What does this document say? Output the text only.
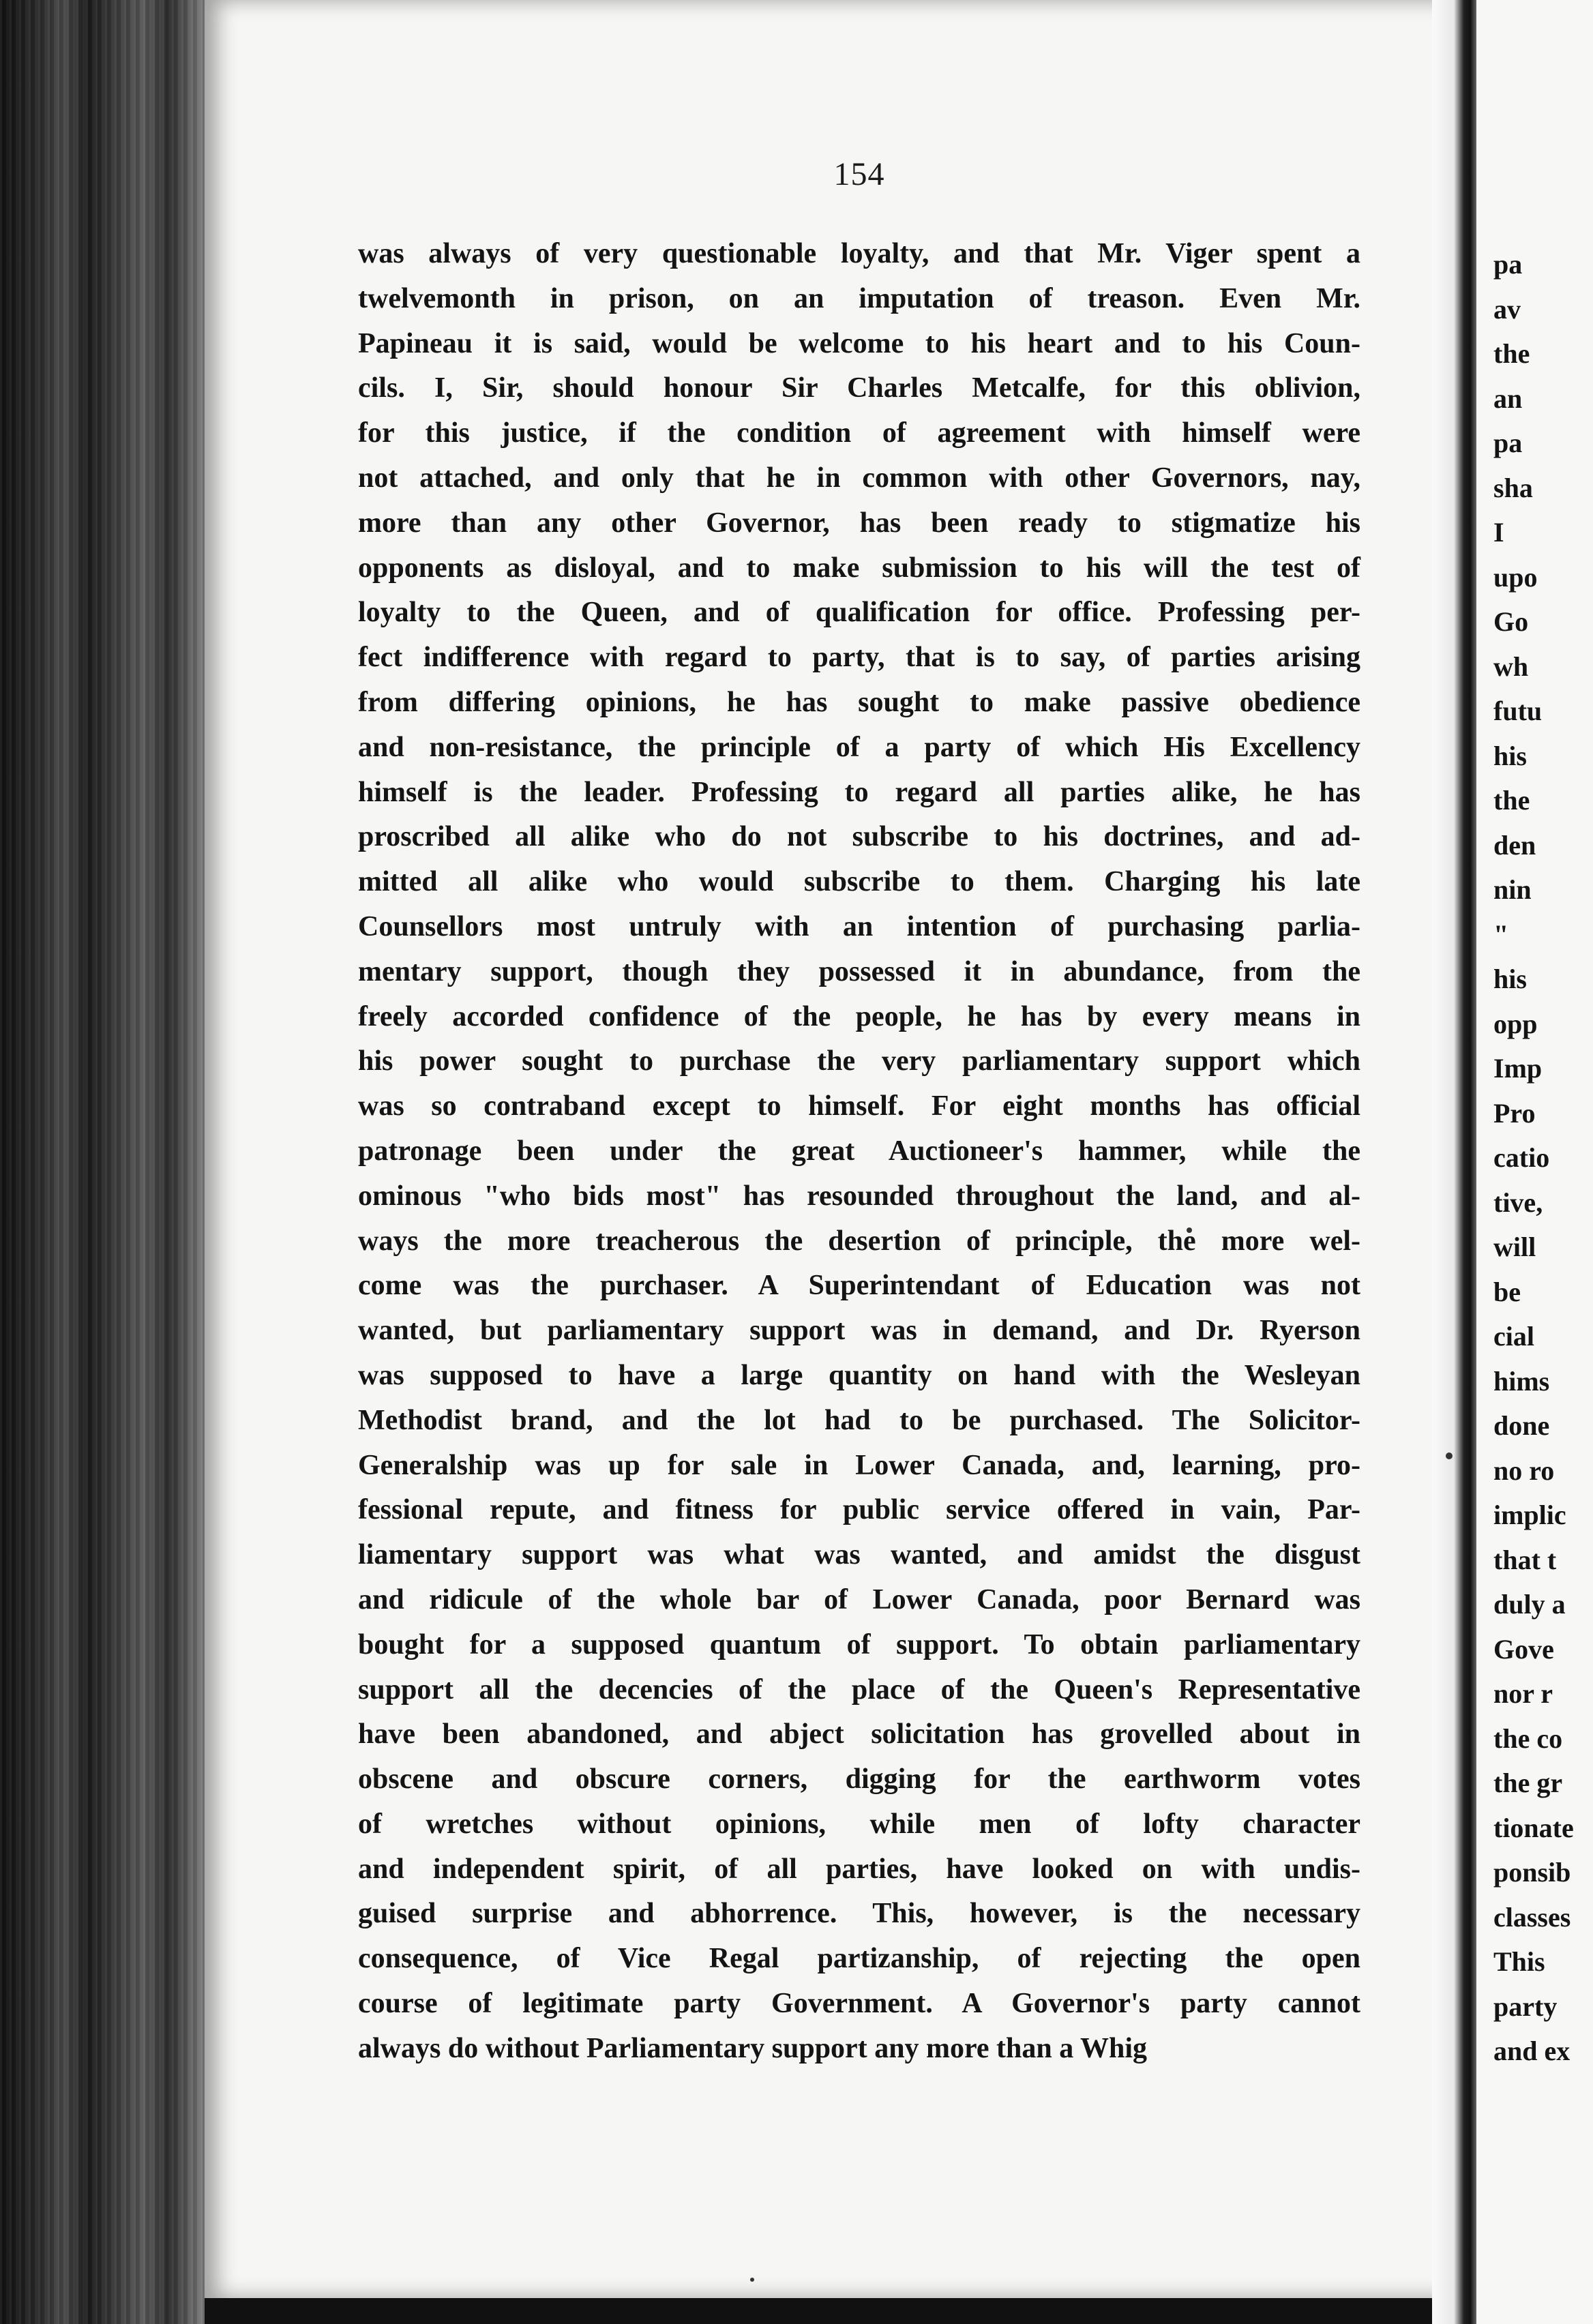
154
was always of very questionable loyalty, and that Mr. Viger spent a
twelvemonth in prison, on an imputation of treason. Even Mr.
Papineau it is said, would be welcome to his heart and to his Coun-
cils. I, Sir, should honour Sir Charles Metcalfe, for this oblivion,
for this justice, if the condition of agreement with himself were
not attached, and only that he in common with other Governors, nay,
more than any other Governor, has been ready to stigmatize his
opponents as disloyal, and to make submission to his will the test of
loyalty to the Queen, and of qualification for office. Professing per-
fect indifference with regard to party, that is to say, of parties arising
from differing opinions, he has sought to make passive obedience
and non-resistance, the principle of a party of which His Excellency
himself is the leader. Professing to regard all parties alike, he has
proscribed all alike who do not subscribe to his doctrines, and ad-
mitted all alike who would subscribe to them. Charging his late
Counsellors most untruly with an intention of purchasing parlia-
mentary support, though they possessed it in abundance, from the
freely accorded confidence of the people, he has by every means in
his power sought to purchase the very parliamentary support which
was so contraband except to himself. For eight months has official
patronage been under the great Auctioneer's hammer, while the
ominous "who bids most" has resounded throughout the land, and al-
ways the more treacherous the desertion of principle, the more wel-
come was the purchaser. A Superintendant of Education was not
wanted, but parliamentary support was in demand, and Dr. Ryerson
was supposed to have a large quantity on hand with the Wesleyan
Methodist brand, and the lot had to be purchased. The Solicitor-
Generalship was up for sale in Lower Canada, and, learning, pro-
fessional repute, and fitness for public service offered in vain, Par-
liamentary support was what was wanted, and amidst the disgust
and ridicule of the whole bar of Lower Canada, poor Bernard was
bought for a supposed quantum of support. To obtain parliamentary
support all the decencies of the place of the Queen's Representative
have been abandoned, and abject solicitation has grovelled about in
obscene and obscure corners, digging for the earthworm votes
of wretches without opinions, while men of lofty character
and independent spirit, of all parties, have looked on with undis-
guised surprise and abhorrence. This, however, is the necessary
consequence, of Vice Regal partizanship, of rejecting the open
course of legitimate party Government. A Governor's party cannot
always do without Parliamentary support any more than a Whig
pa
av
the
an
pa
sha
I
upo
Go
wh
futu
his
the
den
nin
"
his
opp
Imp
Pro
catio
tive,
will
be
cial
hims
done
no ro
implic
that t
duly a
Gove
nor r
the co
the gr
tionate
ponsib
classes
This
party
and ex
